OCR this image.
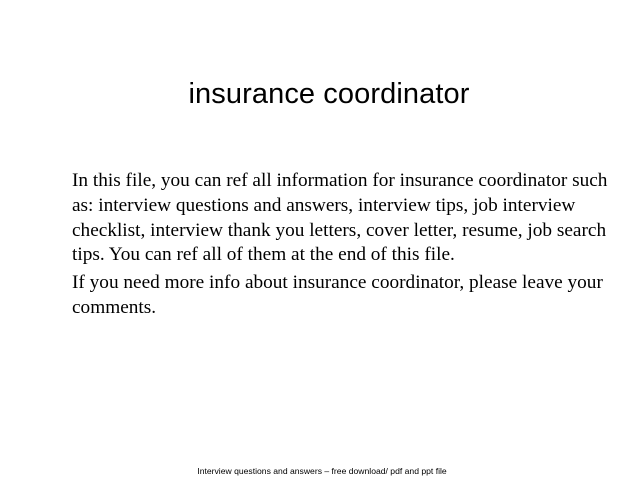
insurance coordinator

In this file, you can ref all information for insurance coordinator such as: interview questions and answers, interview tips, job interview checklist, interview thank you letters, cover letter, resume, job search tips. You can ref all of them at the end of this file.

If you need more info about insurance coordinator, please leave your comments.

Interview questions and answers – free download/ pdf and ppt file
